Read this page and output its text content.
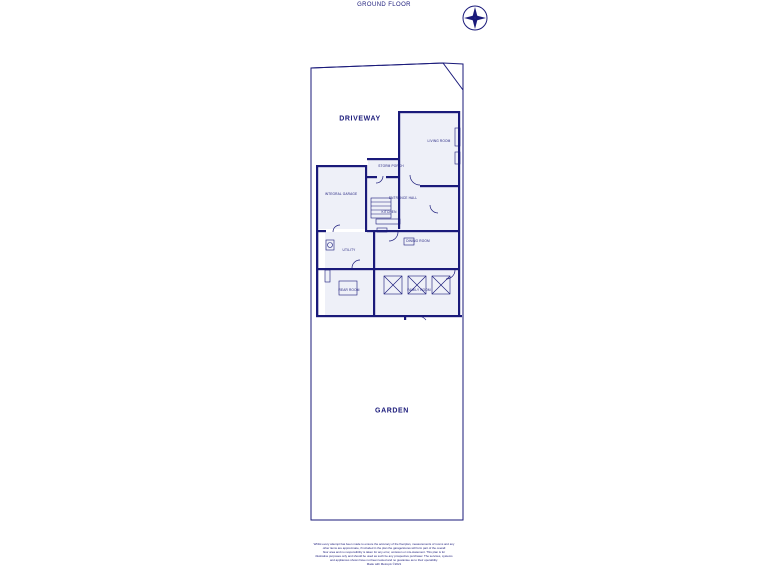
GROUND FLOOR
DRIVEWAY
GARDEN
INTEGRAL GARAGE
STORM PORCH
ENTRANCE HALL
LIVING ROOM
DINING ROOM
KITCHEN
UTILITY
REAR ROOM	FAMILY ROOM
Whilst every attempt has been made to ensure the accuracy of the floorplan, measurements of rooms and any
other items are approximate, if included in the plan the garage/stores will form part of the overall
floor area and no responsibility is taken for any error, omission or mis-statement. This plan is for
illustrative purposes only and should be used as such be any prospective purchaser. The services, systems
and appliances shown have not been tested and no guarantee as to their operability.
Made with Metropix ©2021
